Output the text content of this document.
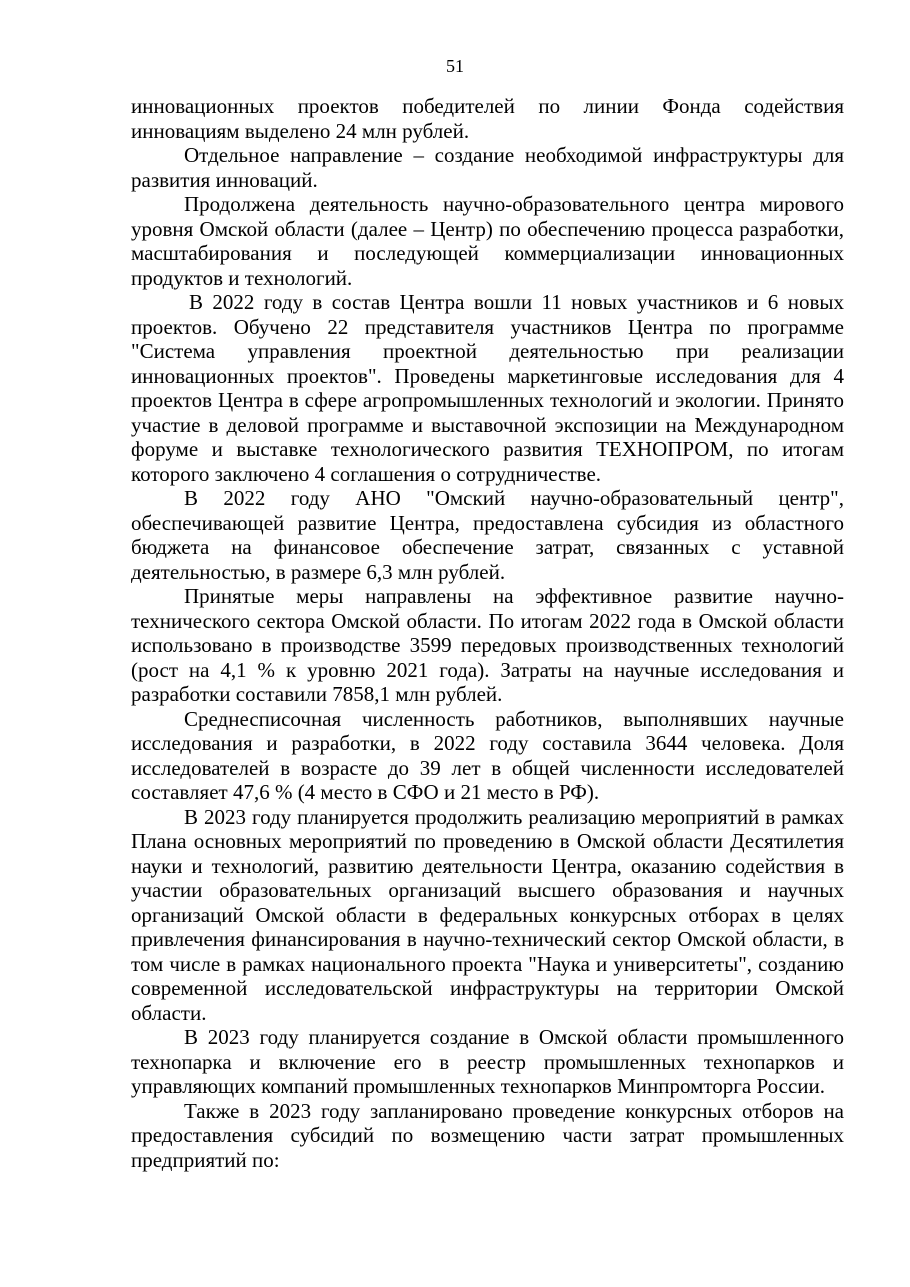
51

инновационных проектов победителей по линии Фонда содействия инновациям выделено 24 млн рублей.

Отдельное направление – создание необходимой инфраструктуры для развития инноваций.

Продолжена деятельность научно-образовательного центра мирового уровня Омской области (далее – Центр) по обеспечению процесса разработки, масштабирования и последующей коммерциализации инновационных продуктов и технологий.

В 2022 году в состав Центра вошли 11 новых участников и 6 новых проектов. Обучено 22 представителя участников Центра по программе "Система управления проектной деятельностью при реализации инновационных проектов". Проведены маркетинговые исследования для 4 проектов Центра в сфере агропромышленных технологий и экологии. Принято участие в деловой программе и выставочной экспозиции на Международном форуме и выставке технологического развития ТЕХНОПРОМ, по итогам которого заключено 4 соглашения о сотрудничестве.

В 2022 году АНО "Омский научно-образовательный центр", обеспечивающей развитие Центра, предоставлена субсидия из областного бюджета на финансовое обеспечение затрат, связанных с уставной деятельностью, в размере 6,3 млн рублей.

Принятые меры направлены на эффективное развитие научно-технического сектора Омской области. По итогам 2022 года в Омской области использовано в производстве 3599 передовых производственных технологий (рост на 4,1 % к уровню 2021 года). Затраты на научные исследования и разработки составили 7858,1 млн рублей.

Среднесписочная численность работников, выполнявших научные исследования и разработки, в 2022 году составила 3644 человека. Доля исследователей в возрасте до 39 лет в общей численности исследователей составляет 47,6 % (4 место в СФО и 21 место в РФ).

В 2023 году планируется продолжить реализацию мероприятий в рамках Плана основных мероприятий по проведению в Омской области Десятилетия науки и технологий, развитию деятельности Центра, оказанию содействия в участии образовательных организаций высшего образования и научных организаций Омской области в федеральных конкурсных отборах в целях привлечения финансирования в научно-технический сектор Омской области, в том числе в рамках национального проекта "Наука и университеты", созданию современной исследовательской инфраструктуры на территории Омской области.

В 2023 году планируется создание в Омской области промышленного технопарка и включение его в реестр промышленных технопарков и управляющих компаний промышленных технопарков Минпромторга России.

Также в 2023 году запланировано проведение конкурсных отборов на предоставления субсидий по возмещению части затрат промышленных предприятий по:
